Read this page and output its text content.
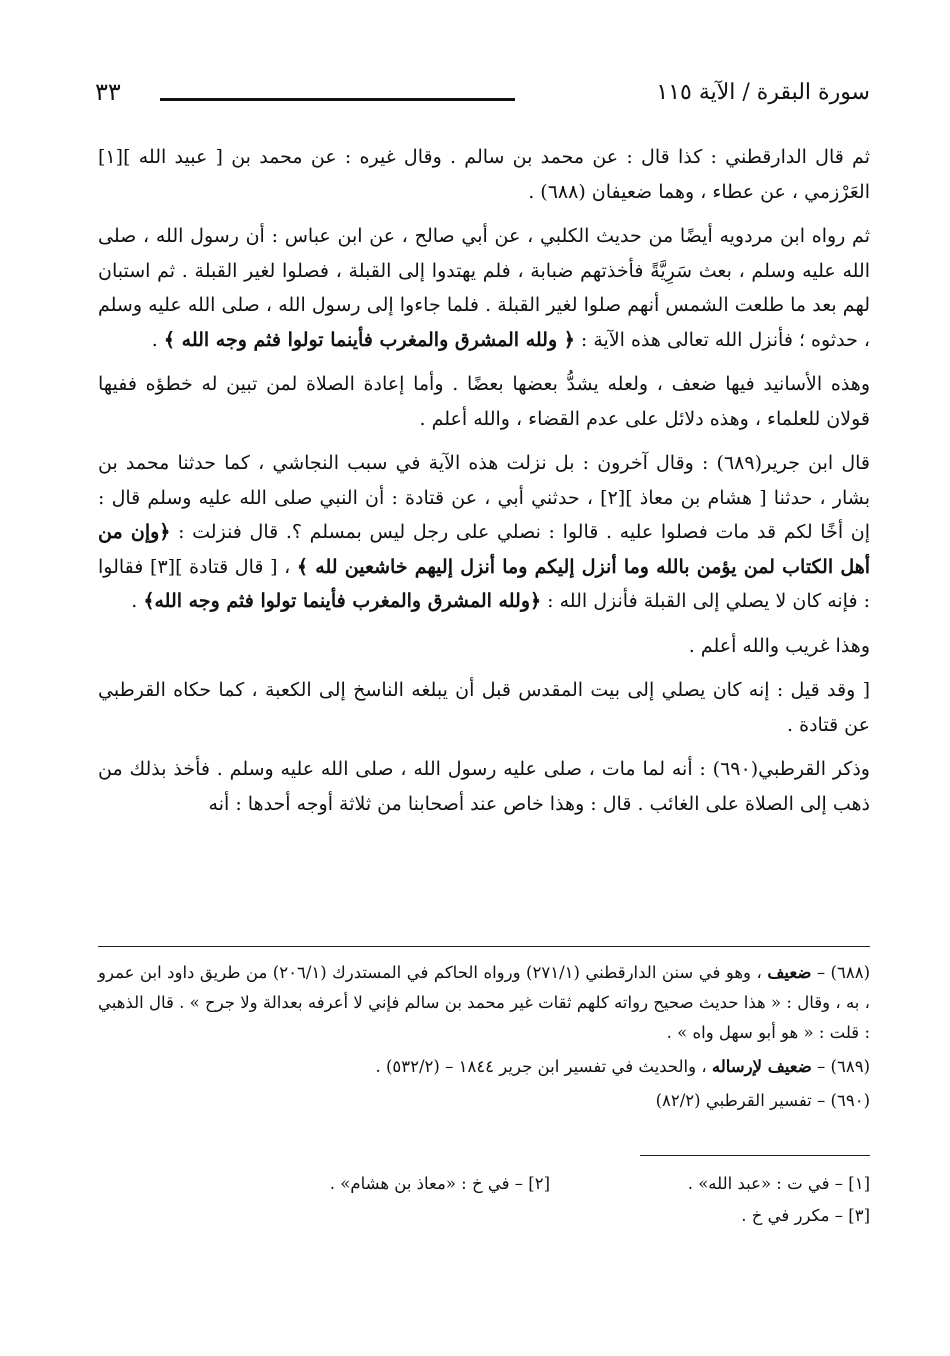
سورة البقرة / الآية ١١٥
٣٣

ثم قال الدارقطني : كذا قال : عن محمد بن سالم . وقال غيره : عن محمد بن [ عبيد الله ][١] العَرْزمي ، عن عطاء ، وهما ضعيفان (٦٨٨) .

ثم رواه ابن مردويه أيضًا من حديث الكلبي ، عن أبي صالح ، عن ابن عباس : أن رسول الله ، صلى الله عليه وسلم ، بعث سَرِيَّةً فأخذتهم ضبابة ، فلم يهتدوا إلى القبلة ، فصلوا لغير القبلة . ثم استبان لهم بعد ما طلعت الشمس أنهم صلوا لغير القبلة . فلما جاءوا إلى رسول الله ، صلى الله عليه وسلم ، حدثوه ؛ فأنزل الله تعالى هذه الآية : ﴿ ولله المشرق والمغرب فأينما تولوا فثم وجه الله ﴾ .

وهذه الأسانيد فيها ضعف ، ولعله يشدُّ بعضها بعضًا . وأما إعادة الصلاة لمن تبين له خطؤه ففيها قولان للعلماء ، وهذه دلائل على عدم القضاء ، والله أعلم .

قال ابن جرير(٦٨٩) : وقال آخرون : بل نزلت هذه الآية في سبب النجاشي ، كما حدثنا محمد بن بشار ، حدثنا [ هشام بن معاذ ][٢] ، حدثني أبي ، عن قتادة : أن النبي صلى الله عليه وسلم قال : إن أخًا لكم قد مات فصلوا عليه . قالوا : نصلي على رجل ليس بمسلم ؟. قال فنزلت : ﴿وإن من أهل الكتاب لمن يؤمن بالله وما أنزل إليكم وما أنزل إليهم خاشعين لله ﴾ ، [ قال قتادة ][٣] فقالوا : فإنه كان لا يصلي إلى القبلة فأنزل الله : ﴿ولله المشرق والمغرب فأينما تولوا فثم وجه الله﴾ .

وهذا غريب والله أعلم .

[ وقد قيل : إنه كان يصلي إلى بيت المقدس قبل أن يبلغه الناسخ إلى الكعبة ، كما حكاه القرطبي عن قتادة .

وذكر القرطبي(٦٩٠) : أنه لما مات ، صلى عليه رسول الله ، صلى الله عليه وسلم . فأخذ بذلك من ذهب إلى الصلاة على الغائب . قال : وهذا خاص عند أصحابنا من ثلاثة أوجه أحدها : أنه

(٦٨٨) – ضعيف ، وهو في سنن الدارقطني (٢٧١/١) ورواه الحاكم في المستدرك (٢٠٦/١) من طريق داود ابن عمرو ، به ، وقال : « هذا حديث صحيح رواته كلهم ثقات غير محمد بن سالم فإني لا أعرفه بعدالة ولا جرح » . قال الذهبي : قلت : « هو أبو سهل واه » .

(٦٨٩) – ضعيف لإرساله ، والحديث في تفسير ابن جرير ١٨٤٤ – (٥٣٢/٢) .

(٦٩٠) – تفسير القرطبي (٨٢/٢)

[١] – في ت : «عبد الله» .
[٢] – في خ : «معاذ بن هشام» .
[٣] – مكرر في خ .
